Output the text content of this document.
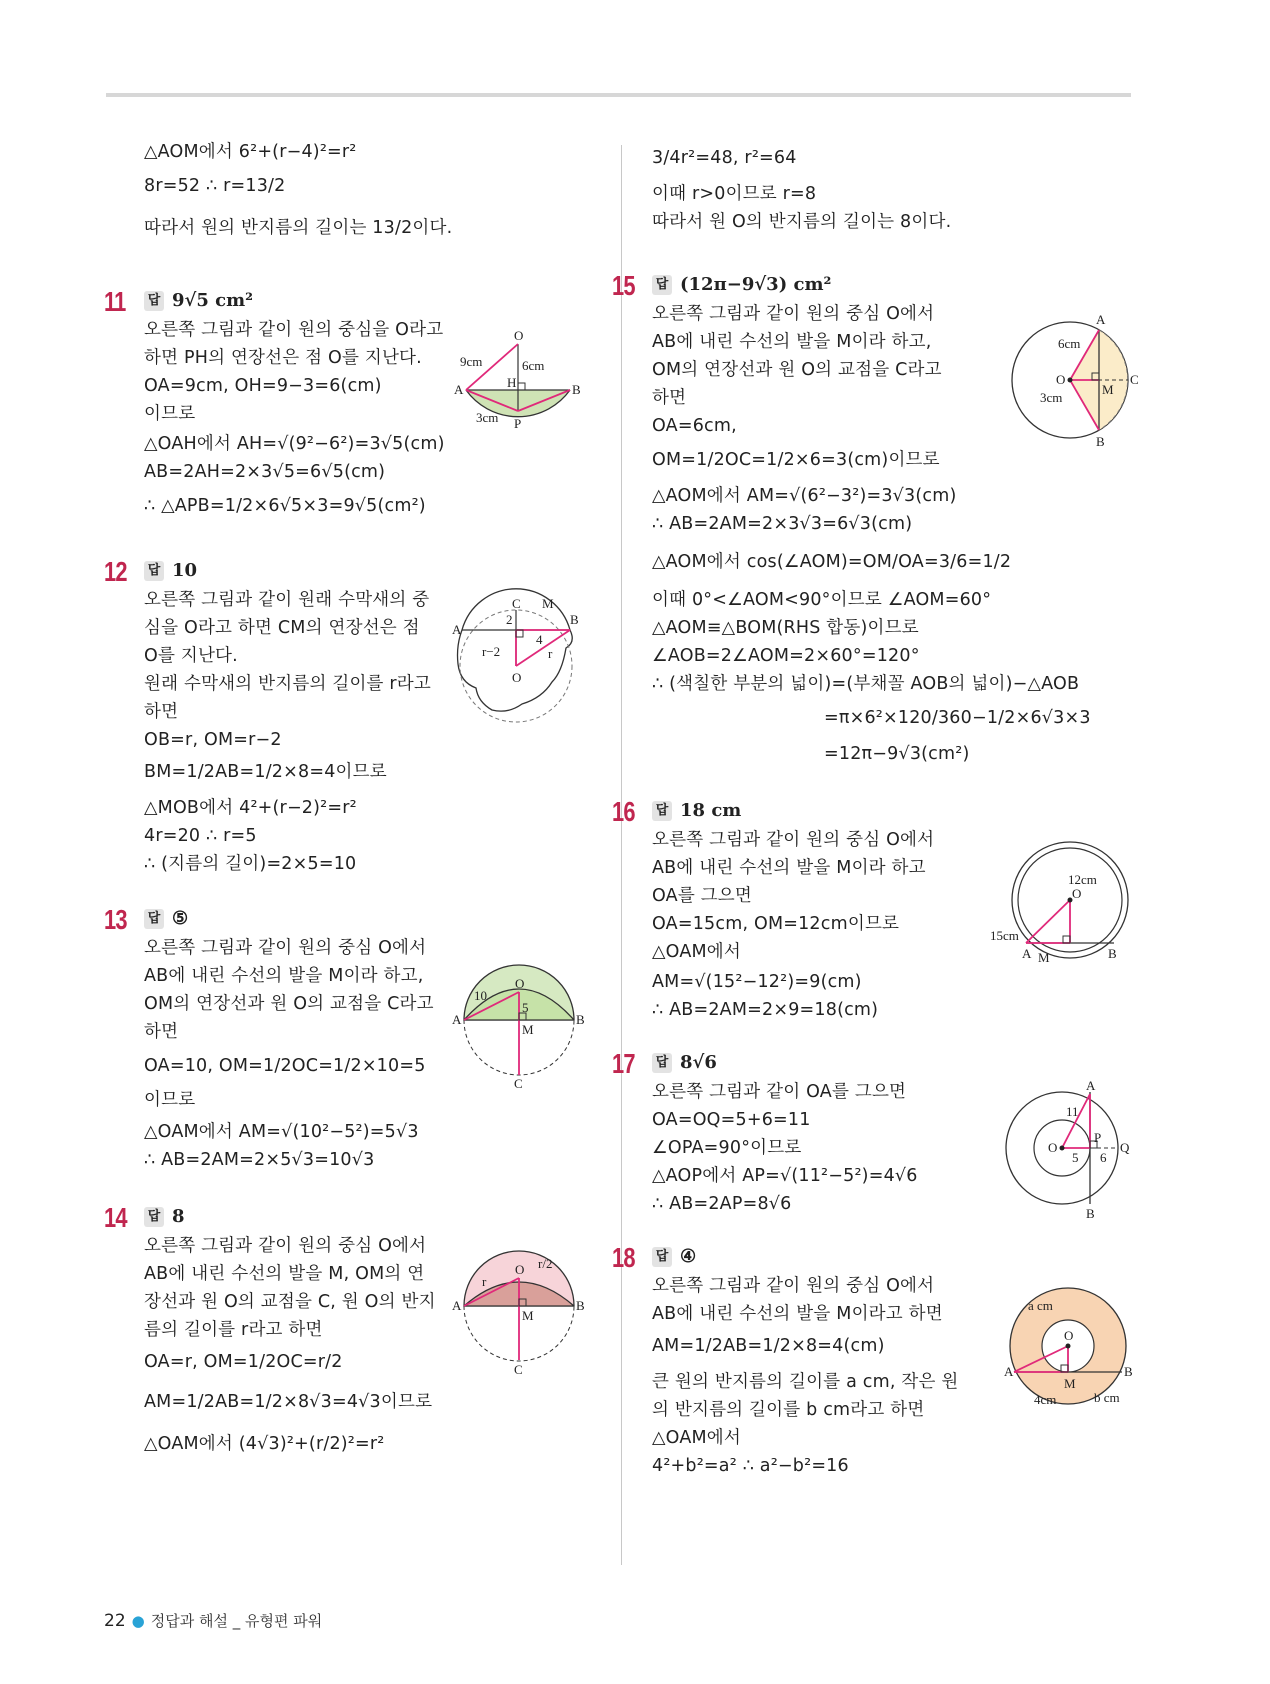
△AOM에서 6²+(r−4)²=r²
8r=52 ∴ r=13/2
따라서 원의 반지름의 길이는 13/2이다.
11 답 9√5 cm²
오른쪽 그림과 같이 원의 중심을 O라고
하면 PH의 연장선은 점 O를 지난다.
OA=9cm, OH=9−3=6(cm)
이므로
△OAH에서 AH=√(9²−6²)=3√5(cm)
AB=2AH=2×3√5=6√5(cm)
∴ △APB=1/2×6√5×3=9√5(cm²)
12 답 10
오른쪽 그림과 같이 원래 수막새의 중
심을 O라고 하면 CM의 연장선은 점
O를 지난다.
원래 수막새의 반지름의 길이를 r라고
하면
OB=r, OM=r−2
BM=1/2AB=1/2×8=4이므로
△MOB에서 4²+(r−2)²=r²
4r=20 ∴ r=5
∴ (지름의 길이)=2×5=10
13 답 ⑤
오른쪽 그림과 같이 원의 중심 O에서
AB에 내린 수선의 발을 M이라 하고,
OM의 연장선과 원 O의 교점을 C라고
하면
OA=10, OM=1/2OC=1/2×10=5
이므로
△OAM에서 AM=√(10²−5²)=5√3
∴ AB=2AM=2×5√3=10√3
14 답 8
오른쪽 그림과 같이 원의 중심 O에서
AB에 내린 수선의 발을 M, OM의 연
장선과 원 O의 교점을 C, 원 O의 반지
름의 길이를 r라고 하면
OA=r, OM=1/2OC=r/2
AM=1/2AB=1/2×8√3=4√3이므로
△OAM에서 (4√3)²+(r/2)²=r²
O
A	B
H
P
9cm	6cm
3cm
C M
A
B
O
2
4
r−2	r
O
A	B
M
C
10
5
O
A	B
M
C
r
r/2
3/4r²=48, r²=64
이때 r>0이므로 r=8
따라서 원 O의 반지름의 길이는 8이다.
15 답 (12π−9√3) cm²
오른쪽 그림과 같이 원의 중심 O에서
AB에 내린 수선의 발을 M이라 하고,
OM의 연장선과 원 O의 교점을 C라고
하면
OA=6cm,
OM=1/2OC=1/2×6=3(cm)이므로
△AOM에서 AM=√(6²−3²)=3√3(cm)
∴ AB=2AM=2×3√3=6√3(cm)
△AOM에서 cos(∠AOM)=OM/OA=3/6=1/2
이때 0°<∠AOM<90°이므로 ∠AOM=60°
△AOM≡△BOM(RHS 합동)이므로
∠AOB=2∠AOM=2×60°=120°
∴ (색칠한 부분의 넓이)=(부채꼴 AOB의 넓이)−△AOB
=π×6²×120/360−1/2×6√3×3
=12π−9√3(cm²)
16 답 18 cm
오른쪽 그림과 같이 원의 중심 O에서
AB에 내린 수선의 발을 M이라 하고
OA를 그으면
OA=15cm, OM=12cm이므로
△OAM에서
AM=√(15²−12²)=9(cm)
∴ AB=2AM=2×9=18(cm)
17 답 8√6
오른쪽 그림과 같이 OA를 그으면
OA=OQ=5+6=11
∠OPA=90°이므로
△AOP에서 AP=√(11²−5²)=4√6
∴ AB=2AP=8√6
18 답 ④
오른쪽 그림과 같이 원의 중심 O에서
AB에 내린 수선의 발을 M이라고 하면
AM=1/2AB=1/2×8=4(cm)
큰 원의 반지름의 길이를 a cm, 작은 원
의 반지름의 길이를 b cm라고 하면
△OAM에서
4²+b²=a² ∴ a²−b²=16
A
B
C
M
O
6cm
3cm
O
A	B
M
12cm
15cm
A
B
O
P
Q
11
5 6
O
A	B
M
a cm
4cm	b cm
22 ● 정답과 해설 _ 유형편 파워
